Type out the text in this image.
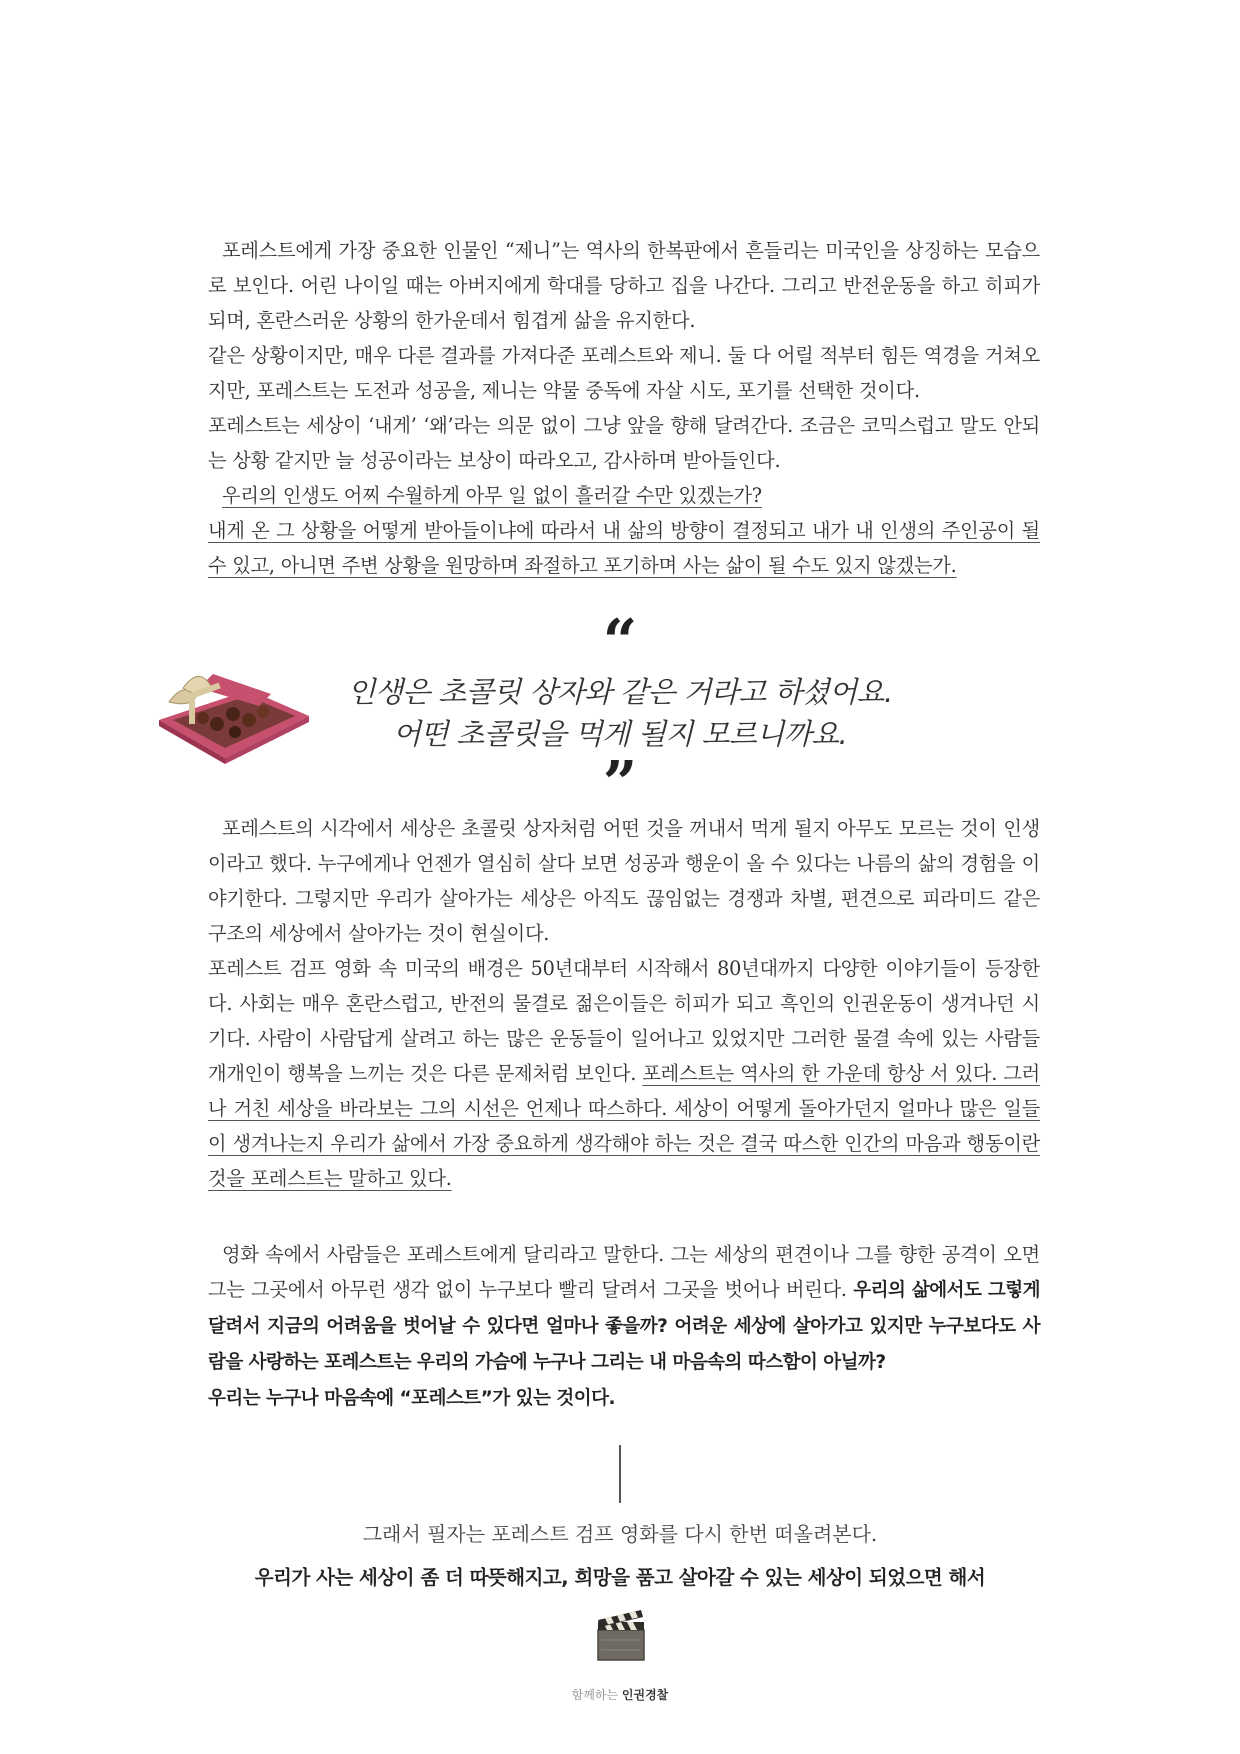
포레스트에게 가장 중요한 인물인 “제니”는 역사의 한복판에서 흔들리는 미국인을 상징하는 모습으로 보인다. 어린 나이일 때는 아버지에게 학대를 당하고 집을 나간다. 그리고 반전운동을 하고 히피가 되며, 혼란스러운 상황의 한가운데서 힘겹게 삶을 유지한다.

같은 상황이지만, 매우 다른 결과를 가져다준 포레스트와 제니. 둘 다 어릴 적부터 힘든 역경을 거쳐오지만, 포레스트는 도전과 성공을, 제니는 약물 중독에 자살 시도, 포기를 선택한 것이다.

포레스트는 세상이 ‘내게’ ‘왜’라는 의문 없이 그냥 앞을 향해 달려간다. 조금은 코믹스럽고 말도 안되는 상황 같지만 늘 성공이라는 보상이 따라오고, 감사하며 받아들인다.

우리의 인생도 어찌 수월하게 아무 일 없이 흘러갈 수만 있겠는가?

내게 온 그 상황을 어떻게 받아들이냐에 따라서 내 삶의 방향이 결정되고 내가 내 인생의 주인공이 될 수 있고, 아니면 주변 상황을 원망하며 좌절하고 포기하며 사는 삶이 될 수도 있지 않겠는가.

“
인생은 초콜릿 상자와 같은 거라고 하셨어요.
어떤 초콜릿을 먹게 될지 모르니까요.
”

포레스트의 시각에서 세상은 초콜릿 상자처럼 어떤 것을 꺼내서 먹게 될지 아무도 모르는 것이 인생이라고 했다. 누구에게나 언젠가 열심히 살다 보면 성공과 행운이 올 수 있다는 나름의 삶의 경험을 이야기한다. 그렇지만 우리가 살아가는 세상은 아직도 끊임없는 경쟁과 차별, 편견으로 피라미드 같은 구조의 세상에서 살아가는 것이 현실이다.

포레스트 검프 영화 속 미국의 배경은 50년대부터 시작해서 80년대까지 다양한 이야기들이 등장한다. 사회는 매우 혼란스럽고, 반전의 물결로 젊은이들은 히피가 되고 흑인의 인권운동이 생겨나던 시기다. 사람이 사람답게 살려고 하는 많은 운동들이 일어나고 있었지만 그러한 물결 속에 있는 사람들 개개인이 행복을 느끼는 것은 다른 문제처럼 보인다. 포레스트는 역사의 한 가운데 항상 서 있다. 그러나 거친 세상을 바라보는 그의 시선은 언제나 따스하다. 세상이 어떻게 돌아가던지 얼마나 많은 일들이 생겨나는지 우리가 삶에서 가장 중요하게 생각해야 하는 것은 결국 따스한 인간의 마음과 행동이란 것을 포레스트는 말하고 있다.

영화 속에서 사람들은 포레스트에게 달리라고 말한다. 그는 세상의 편견이나 그를 향한 공격이 오면 그는 그곳에서 아무런 생각 없이 누구보다 빨리 달려서 그곳을 벗어나 버린다. 우리의 삶에서도 그렇게 달려서 지금의 어려움을 벗어날 수 있다면 얼마나 좋을까? 어려운 세상에 살아가고 있지만 누구보다도 사람을 사랑하는 포레스트는 우리의 가슴에 누구나 그리는 내 마음속의 따스함이 아닐까?

우리는 누구나 마음속에 “포레스트”가 있는 것이다.

그래서 필자는 포레스트 검프 영화를 다시 한번 떠올려본다.
우리가 사는 세상이 좀 더 따뜻해지고, 희망을 품고 살아갈 수 있는 세상이 되었으면 해서
함께하는 인권경찰
